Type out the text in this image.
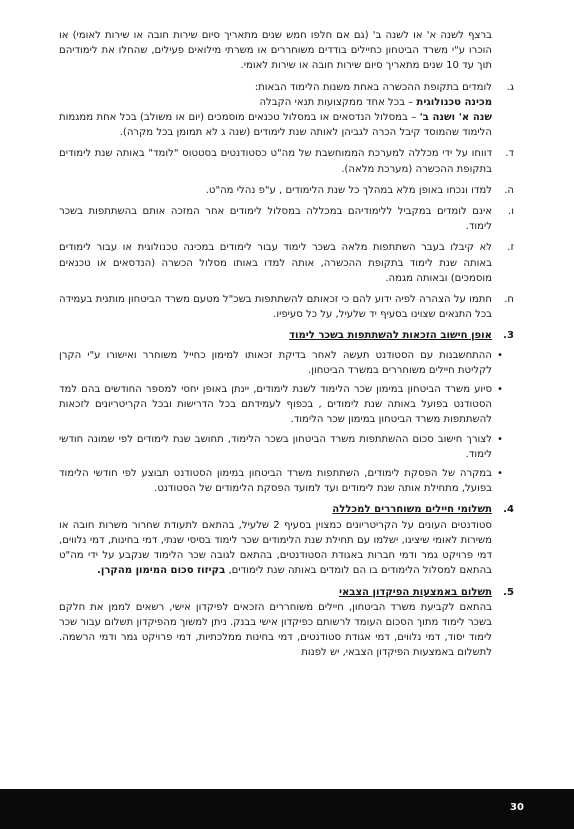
ברצף לשנה א' או לשנה ב' (גם אם חלפו חמש שנים מתאריך סיום שירות חובה או שירות לאומי) או הוכרו ע"י משרד הביטחון כחיילים בודדים משוחררים או משרתי מילואים פעילים, שהחלו את לימודיהם תוך עד 10 שנים מתאריך סיום שירות חובה או שירות לאומי.

ג.

לומדים בתקופת ההכשרה באחת משנות הלימוד הבאות:

מכינה טכנולוגית – בכל אחד ממקצועות תנאי הקבלה

שנה א' ושנה ב' – במסלול הנדסאים או במסלול טכנאים מוסמכים (יום או משולב) בכל אחת ממגמות הלימוד שהמוסד קיבל הכרה לגביהן לאותה שנת לימודים (שנה ג לא תמומן בכל מקרה).

ד.

דווחו על ידי מכללה למערכת הממוחשבת של מה"ט כסטודנטים בסטטוס "לומד" באותה שנת לימודים בתקופת ההכשרה (מערכת מלאה).

ה.

למדו ונכחו באופן מלא במהלך כל שנת הלימודים , ע"פ נהלי מה"ט.

ו.

אינם לומדים במקביל ללימודיהם במכללה במסלול לימודים אחר המזכה אותם בהשתתפות בשכר לימוד.

ז.

לא קיבלו בעבר השתתפות מלאה בשכר לימוד עבור לימודים במכינה טכנולוגית או עבור לימודים באותה שנת לימוד בתקופת ההכשרה, אותה למדו באותו מסלול הכשרה (הנדסאים או טכנאים מוסמכים) ובאותה מגמה.

ח.

חתמו על הצהרה לפיה ידוע להם כי זכאותם להשתתפות בשכ"ל מטעם משרד הביטחון מותנית בעמידה בכל התנאים שצוינו בסעיף יד שלעיל, על כל סעיפיו.

3.
אופן חישוב הזכאות להשתתפות בשכר לימוד
• ההתחשבנות עם הסטודנט תעשה לאחר בדיקת זכאותו למימון כחייל משוחרר ואישורו ע"י הקרן לקליטת חיילים משוחררים במשרד הביטחון.
• סיוע משרד הביטחון במימון שכר הלימוד לשנת לימודים, יינתן באופן יחסי למספר החודשים בהם למד הסטודנט בפועל באותה שנת לימודים , בכפוף לעמידתם בכל הדרישות ובכל הקריטריונים לזכאות להשתתפות משרד הביטחון במימון שכר הלימוד.
• לצורך חישוב סכום ההשתתפות משרד הביטחון בשכר הלימוד, תחושב שנת לימודים לפי שמונה חודשי לימוד.
• במקרה של הפסקת לימודים, השתתפות משרד הביטחון במימון הסטודנט תבוצע לפי חודשי הלימוד בפועל, מתחילת אותה שנת לימודים ועד למועד הפסקת הלימודים של הסטודנט.
4.
תשלומי חיילים משוחררים למכללה

סטודנטים העונים על הקריטריונים כמצוין בסעיף 2 שלעיל, בהתאם לתעודת שחרור משרות חובה או משירות לאומי שיציגו, ישלמו עם תחילת שנת הלימודים שכר לימוד בסיסי שנתי, דמי בחינות, דמי נלווים, דמי פרויקט גמר ודמי חברות באגודת הסטודנטים, בהתאם לגובה שכר הלימוד שנקבע על ידי מה"ט בהתאם למסלול הלימודים בו הם לומדים באותה שנת לימודים, בקיזוז סכום המימון מהקרן.

5.
תשלום באמצעות הפיקדון הצבאי

בהתאם לקביעת משרד הביטחון, חיילים משוחררים הזכאים לפיקדון אישי, רשאים לממן את חלקם בשכר לימוד מתוך הסכום העומד לרשותם כפיקדון אישי בבנק. ניתן למשוך מהפיקדון תשלום עבור שכר לימוד יסוד, דמי נלווים, דמי אגודת סטודנטים, דמי בחינות ממלכתיות, דמי פרויקט גמר ודמי הרשמה. לתשלום באמצעות הפיקדון הצבאי, יש לפנות

30
